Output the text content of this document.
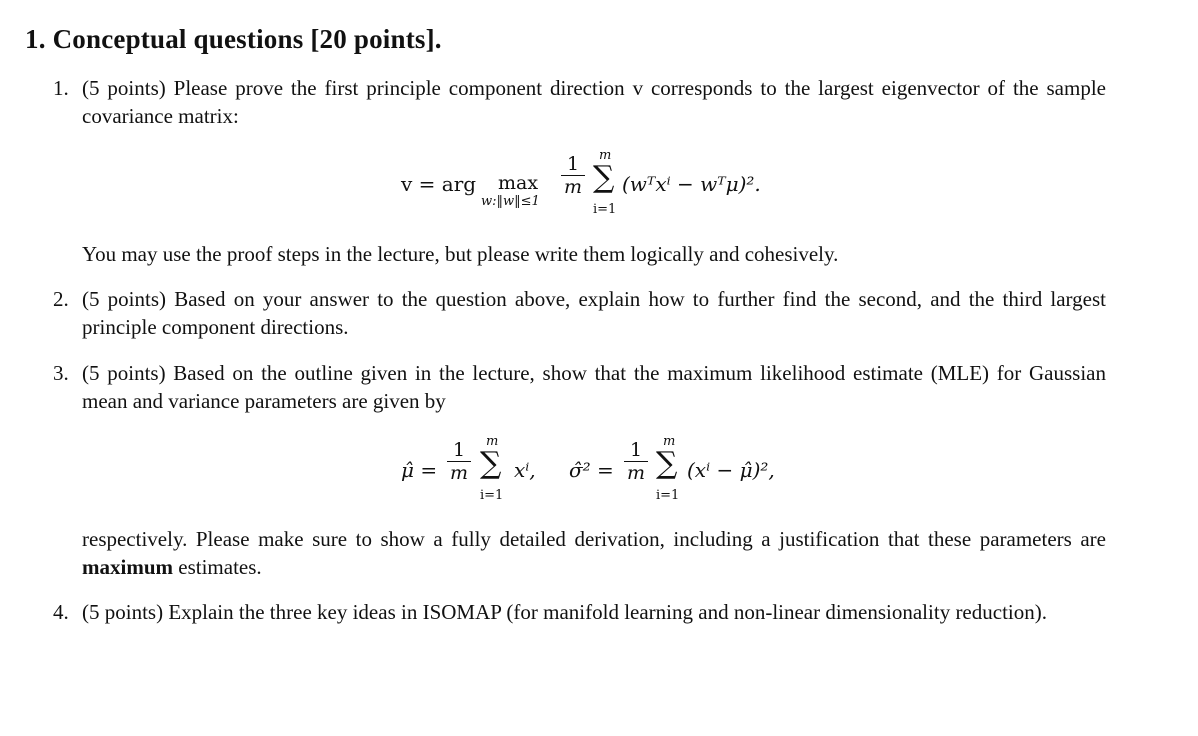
1. Conceptual questions [20 points].
1. (5 points) Please prove the first principle component direction v corresponds to the largest eigenvector of the sample covariance matrix:
v = arg max
w:‖w‖≤1
1
m
m
∑
i=1
(wᵀxⁱ − wᵀμ)².
You may use the proof steps in the lecture, but please write them logically and cohesively.
2. (5 points) Based on your answer to the question above, explain how to further find the second, and the third largest principle component directions.
3. (5 points) Based on the outline given in the lecture, show that the maximum likelihood estimate (MLE) for Gaussian mean and variance parameters are given by
μ̂ =
1
m
m
∑
i=1
xⁱ, σ̂² =
1
m
m
∑
i=1
(xⁱ − μ̂)²,
respectively. Please make sure to show a fully detailed derivation, including a justification that these parameters are maximum estimates.
4. (5 points) Explain the three key ideas in ISOMAP (for manifold learning and non-linear dimensionality reduction).
